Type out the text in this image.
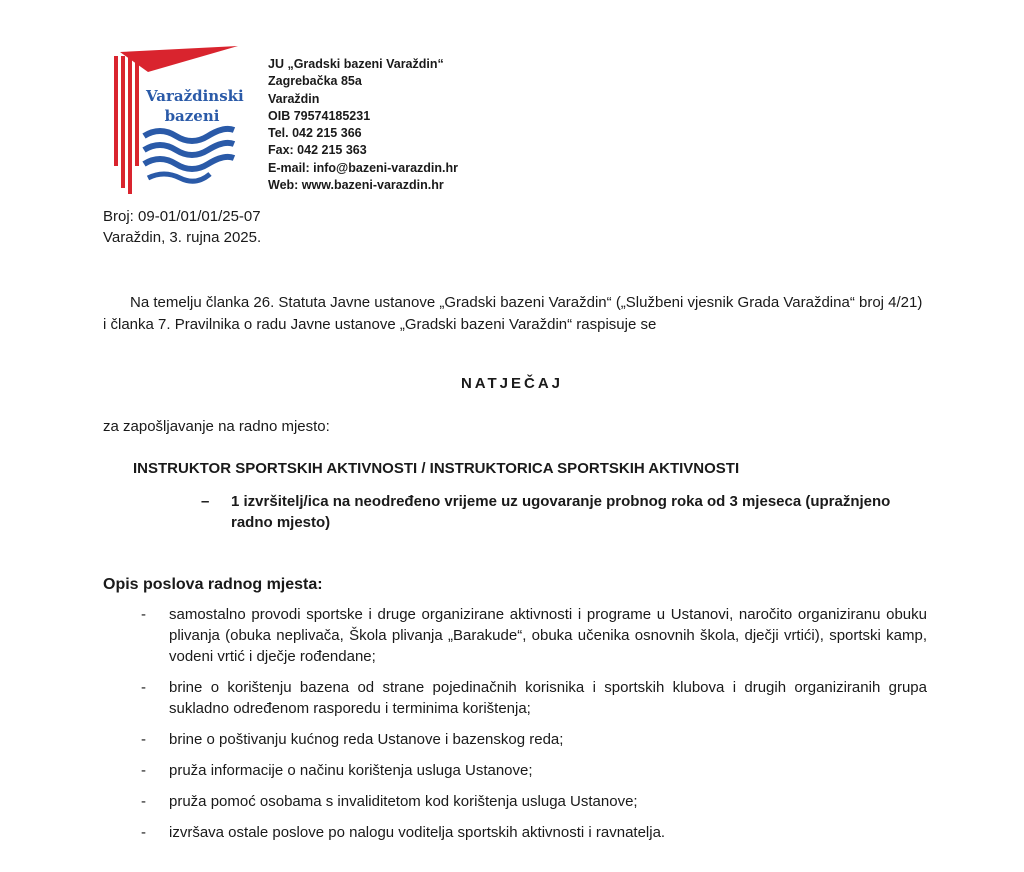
Varaždinski
bazeni
JU „Gradski bazeni Varaždin“
Zagrebačka 85a
Varaždin
OIB 79574185231
Tel. 042 215 366
Fax: 042 215 363
E-mail: info@bazeni-varazdin.hr
Web: www.bazeni-varazdin.hr
Broj: 09-01/01/01/25-07
Varaždin, 3. rujna 2025.
Na temelju članka 26. Statuta Javne ustanove „Gradski bazeni Varaždin“ („Službeni vjesnik Grada Varaždina“ broj 4/21) i članka 7. Pravilnika o radu Javne ustanove „Gradski bazeni Varaždin“ raspisuje se
NATJEČAJ
za zapošljavanje na radno mjesto:
INSTRUKTOR SPORTSKIH AKTIVNOSTI / INSTRUKTORICA SPORTSKIH AKTIVNOSTI
– 1 izvršitelj/ica na neodređeno vrijeme uz ugovaranje probnog roka od 3 mjeseca (upražnjeno radno mjesto)
Opis poslova radnog mjesta:
- samostalno provodi sportske i druge organizirane aktivnosti i programe u Ustanovi, naročito organiziranu obuku plivanja (obuka neplivača, Škola plivanja „Barakude“, obuka učenika osnovnih škola, dječji vrtići), sportski kamp, vodeni vrtić i dječje rođendane;
- brine o korištenju bazena od strane pojedinačnih korisnika i sportskih klubova i drugih organiziranih grupa sukladno određenom rasporedu i terminima korištenja;
- brine o poštivanju kućnog reda Ustanove i bazenskog reda;
- pruža informacije o načinu korištenja usluga Ustanove;
- pruža pomoć osobama s invaliditetom kod korištenja usluga Ustanove;
- izvršava ostale poslove po nalogu voditelja sportskih aktivnosti i ravnatelja.
